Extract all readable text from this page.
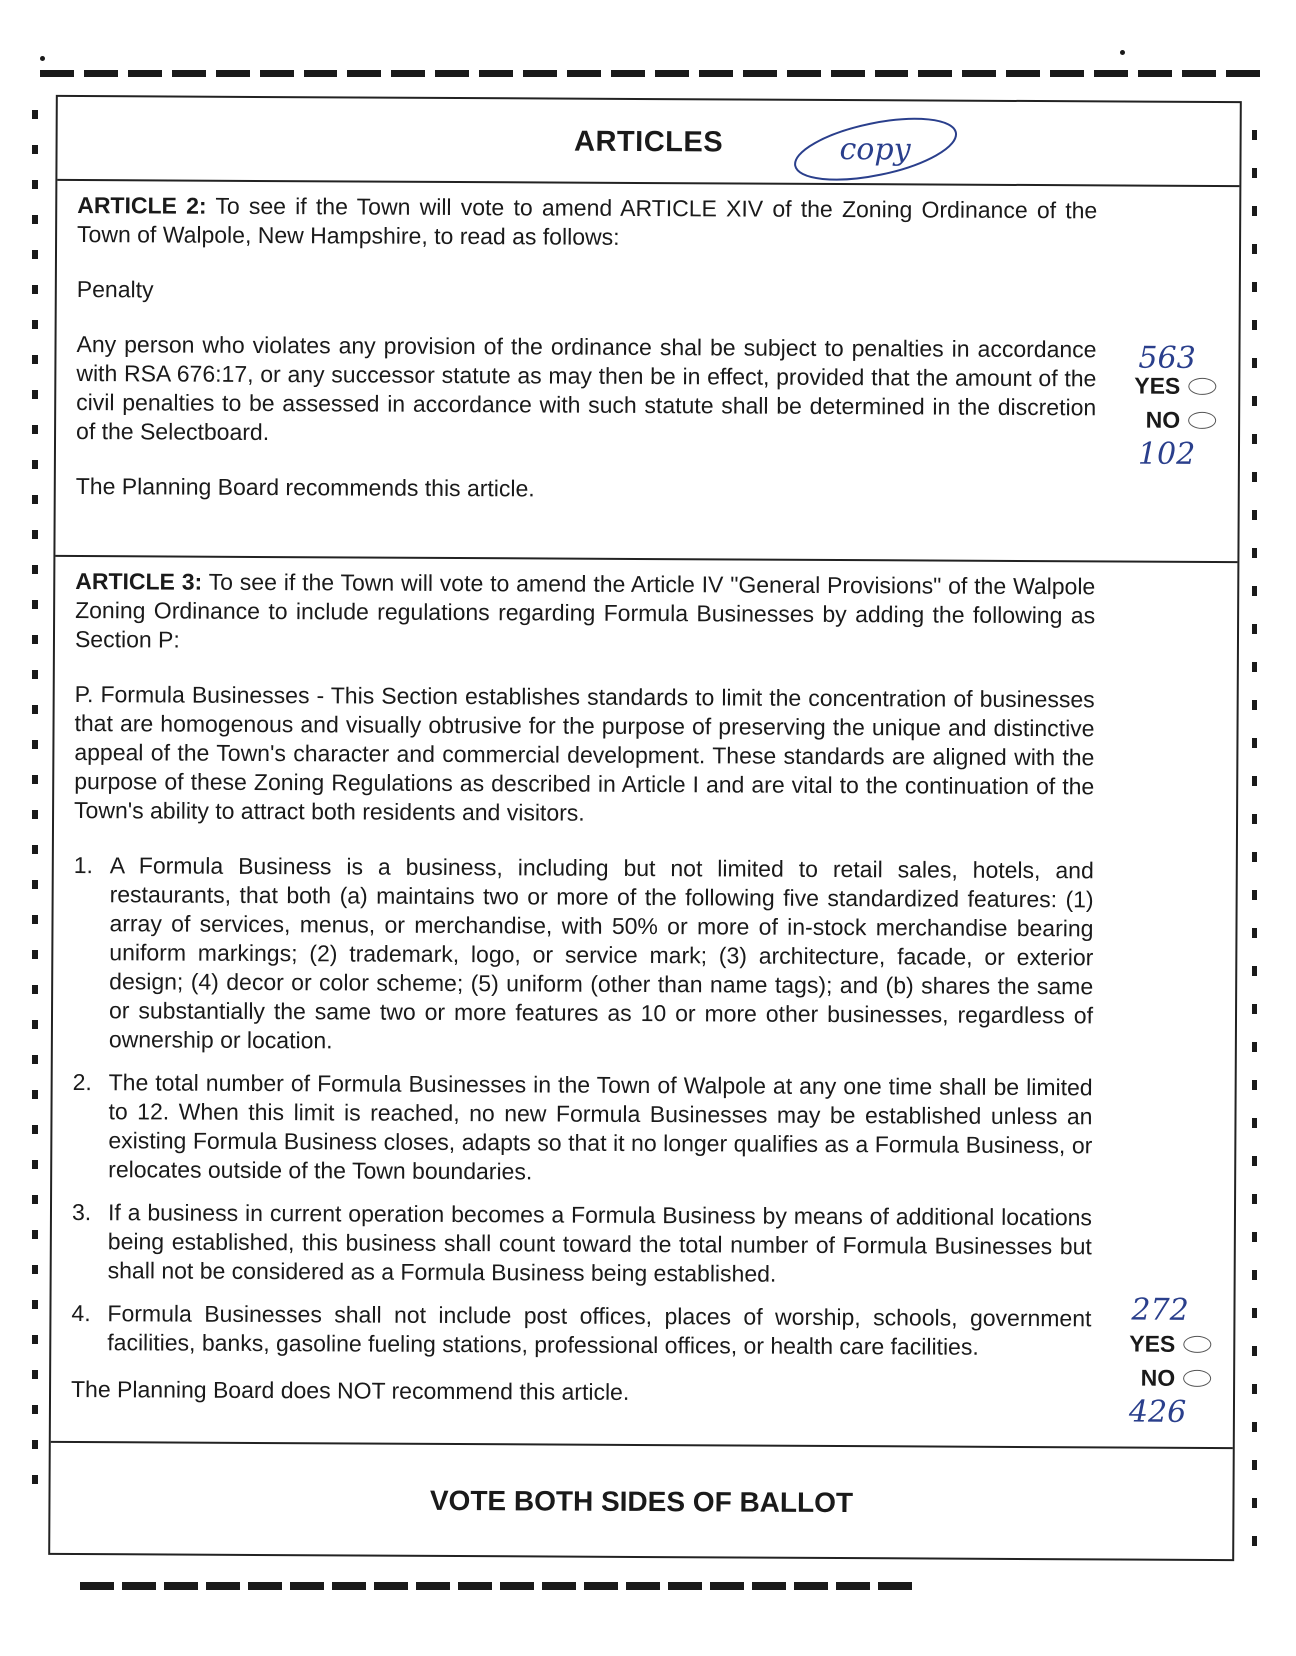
ARTICLES	copy

ARTICLE 2: To see if the Town will vote to amend ARTICLE XIV of the Zoning Ordinance of the Town of Walpole, New Hampshire, to read as follows:

Penalty

Any person who violates any provision of the ordinance shal be subject to penalties in accordance with RSA 676:17, or any successor statute as may then be in effect, provided that the amount of the civil penalties to be assessed in accordance with such statute shall be determined in the discretion of the Selectboard.

The Planning Board recommends this article.

563
YES
NO
102

ARTICLE 3: To see if the Town will vote to amend the Article IV "General Provisions" of the Walpole Zoning Ordinance to include regulations regarding Formula Businesses by adding the following as Section P:

P. Formula Businesses - This Section establishes standards to limit the concentration of businesses that are homogenous and visually obtrusive for the purpose of preserving the unique and distinctive appeal of the Town's character and commercial development. These standards are aligned with the purpose of these Zoning Regulations as described in Article I and are vital to the continuation of the Town's ability to attract both residents and visitors.

1. A Formula Business is a business, including but not limited to retail sales, hotels, and restaurants, that both (a) maintains two or more of the following five standardized features: (1) array of services, menus, or merchandise, with 50% or more of in-stock merchandise bearing uniform markings; (2) trademark, logo, or service mark; (3) architecture, facade, or exterior design; (4) decor or color scheme; (5) uniform (other than name tags); and (b) shares the same or substantially the same two or more features as 10 or more other businesses, regardless of ownership or location.
2. The total number of Formula Businesses in the Town of Walpole at any one time shall be limited to 12. When this limit is reached, no new Formula Businesses may be established unless an existing Formula Business closes, adapts so that it no longer qualifies as a Formula Business, or relocates outside of the Town boundaries.
3. If a business in current operation becomes a Formula Business by means of additional locations being established, this business shall count toward the total number of Formula Businesses but shall not be considered as a Formula Business being established.
4. Formula Businesses shall not include post offices, places of worship, schools, government facilities, banks, gasoline fueling stations, professional offices, or health care facilities.

The Planning Board does NOT recommend this article.

272
YES
NO
426
VOTE BOTH SIDES OF BALLOT
